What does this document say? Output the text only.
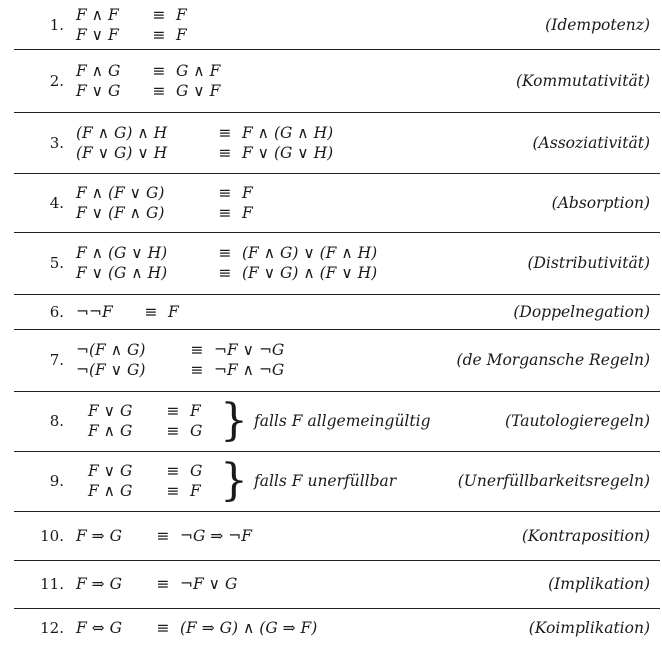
1.
F ∧ F	≡ F
F ∨ F	≡ F
(Idempotenz)
2.
F ∧ G	≡ G ∧ F
F ∨ G	≡ G ∨ F
(Kommutativität)
3.
(F ∧ G) ∧ H	≡ F ∧ (G ∧ H)
(F ∨ G) ∨ H	≡ F ∨ (G ∨ H)
(Assoziativität)
4.
F ∧ (F ∨ G)	≡ F
F ∨ (F ∧ G)	≡ F
(Absorption)
5.
F ∧ (G ∨ H)	≡ (F ∧ G) ∨ (F ∧ H)
F ∨ (G ∧ H)	≡ (F ∨ G) ∧ (F ∨ H)
(Distributivität)
6. ¬¬F	≡ F	(Doppelnegation)
7.
¬(F ∧ G)	≡ ¬F ∨ ¬G
¬(F ∨ G)	≡ ¬F ∧ ¬G
(de Morgansche Regeln)
8.
F ∨ G	≡ F
F ∧ G	≡ G } falls F allgemeingültig	(Tautologieregeln)
9.
F ∨ G	≡ G
F ∧ G	≡ F } falls F unerfüllbar	(Unerfüllbarkeitsregeln)
10. F ⇒ G	≡ ¬G ⇒ ¬F	(Kontraposition)
11. F ⇒ G	≡ ¬F ∨ G	(Implikation)
12. F ⇔ G	≡ (F ⇒ G) ∧ (G ⇒ F)	(Koimplikation)
